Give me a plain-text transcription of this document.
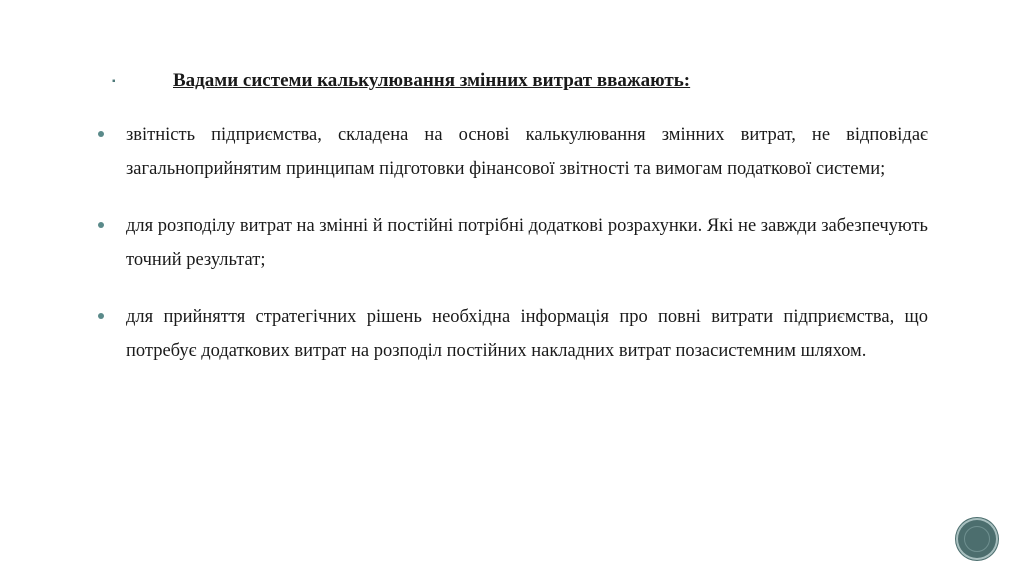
▪	Вадами системи калькулювання змінних витрат вважають:
звітність підприємства, складена на основі калькулювання змінних витрат, не відповідає загальноприйнятим принципам підготовки фінансової звітності та вимогам податкової системи;
для розподілу витрат на змінні й постійні потрібні додаткові розрахунки. Які не завжди забезпечують точний результат;
для прийняття стратегічних рішень необхідна інформація про повні витрати підприємства, що потребує додаткових витрат на розподіл постійних накладних витрат позасистемним шляхом.
